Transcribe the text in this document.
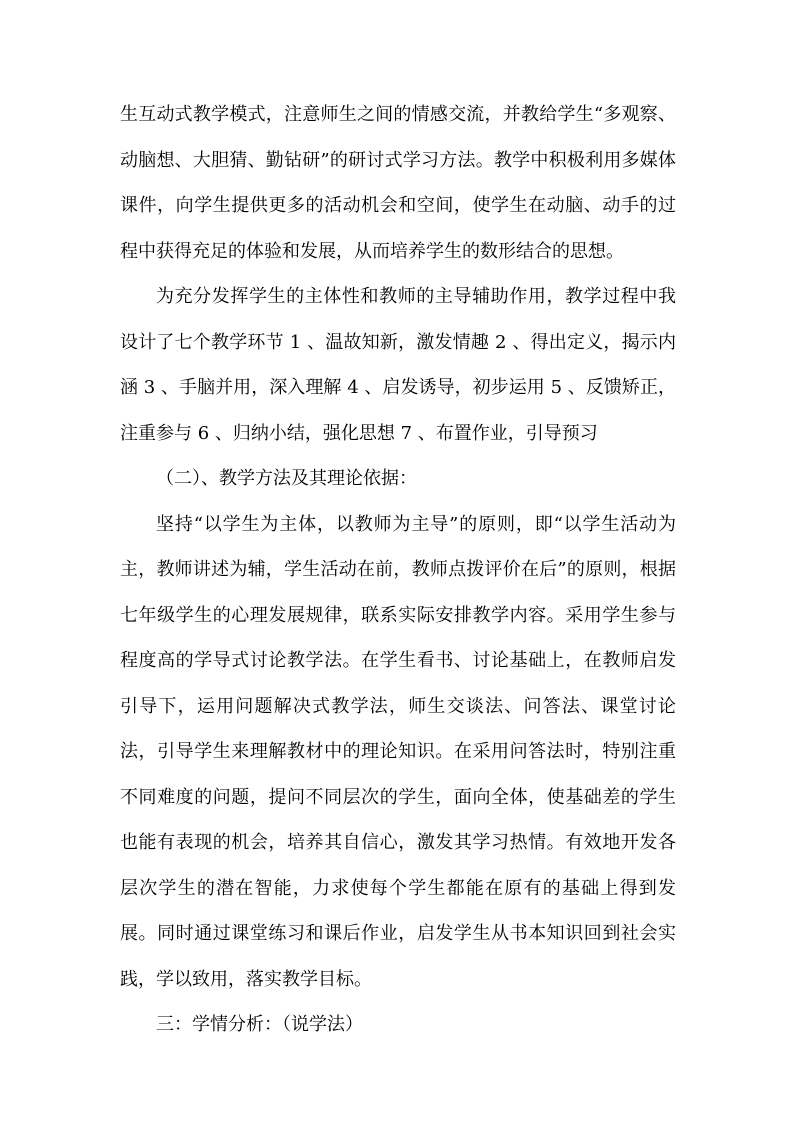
生互动式教学模式，注意师生之间的情感交流，并教给学生“多观察、动脑想、大胆猜、勤钻研”的研讨式学习方法。教学中积极利用多媒体课件，向学生提供更多的活动机会和空间，使学生在动脑、动手的过程中获得充足的体验和发展，从而培养学生的数形结合的思想。

为充分发挥学生的主体性和教师的主导辅助作用，教学过程中我设计了七个教学环节 1 、温故知新，激发情趣 2 、得出定义，揭示内涵 3 、手脑并用，深入理解 4 、启发诱导，初步运用 5 、反馈矫正，注重参与 6 、归纳小结，强化思想 7 、布置作业，引导预习

（二）、教学方法及其理论依据：

坚持“以学生为主体，以教师为主导”的原则，即“以学生活动为主，教师讲述为辅，学生活动在前，教师点拨评价在后”的原则，根据七年级学生的心理发展规律，联系实际安排教学内容。采用学生参与程度高的学导式讨论教学法。在学生看书、讨论基础上，在教师启发引导下，运用问题解决式教学法，师生交谈法、问答法、课堂讨论法，引导学生来理解教材中的理论知识。在采用问答法时，特别注重不同难度的问题，提问不同层次的学生，面向全体，使基础差的学生也能有表现的机会，培养其自信心，激发其学习热情。有效地开发各层次学生的潜在智能，力求使每个学生都能在原有的基础上得到发展。同时通过课堂练习和课后作业，启发学生从书本知识回到社会实践，学以致用，落实教学目标。

三：学情分析：（说学法）
